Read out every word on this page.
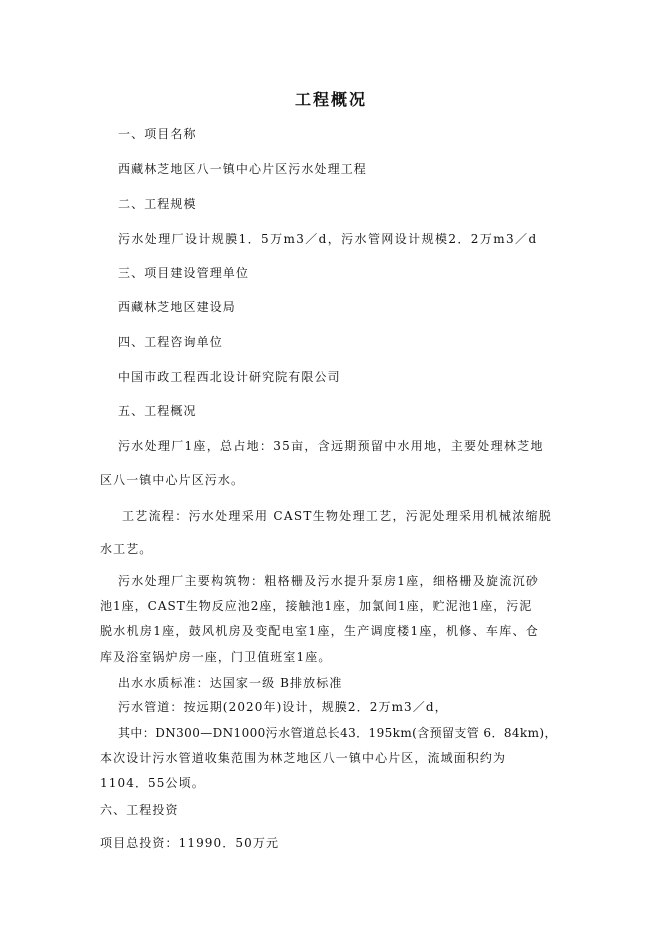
工程概况
一、项目名称
西藏林芝地区八一镇中心片区污水处理工程
二、工程规模
污水处理厂设计规膜1．5万m3／d，污水管网设计规模2．2万m3／d
三、项目建设管理单位
西藏林芝地区建设局
四、工程咨询单位
中国市政工程西北设计研究院有限公司
五、工程概况
污水处理厂1座，总占地：35亩，含远期预留中水用地，主要处理林芝地
区八一镇中心片区污水。
工艺流程：污水处理采用 CAST生物处理工艺，污泥处理采用机械浓缩脱
水工艺。
污水处理厂主要构筑物：粗格栅及污水提升泵房1座，细格栅及旋流沉砂
池1座，CAST生物反应池2座，接触池1座，加氯间1座，贮泥池1座，污泥
脱水机房1座，鼓风机房及变配电室1座，生产调度楼1座，机修、车库、仓
库及浴室锅炉房一座，门卫值班室1座。
出水水质标准：达国家一级 B排放标准
污水管道：按远期(2020年)设计，规膜2．2万m3／d，
其中：DN300—DN1000污水管道总长43．195km(含预留支管 6．84km)，
本次设计污水管道收集范围为林芝地区八一镇中心片区，流域面积约为
1104．55公顷。
六、工程投资
项目总投资：11990．50万元
